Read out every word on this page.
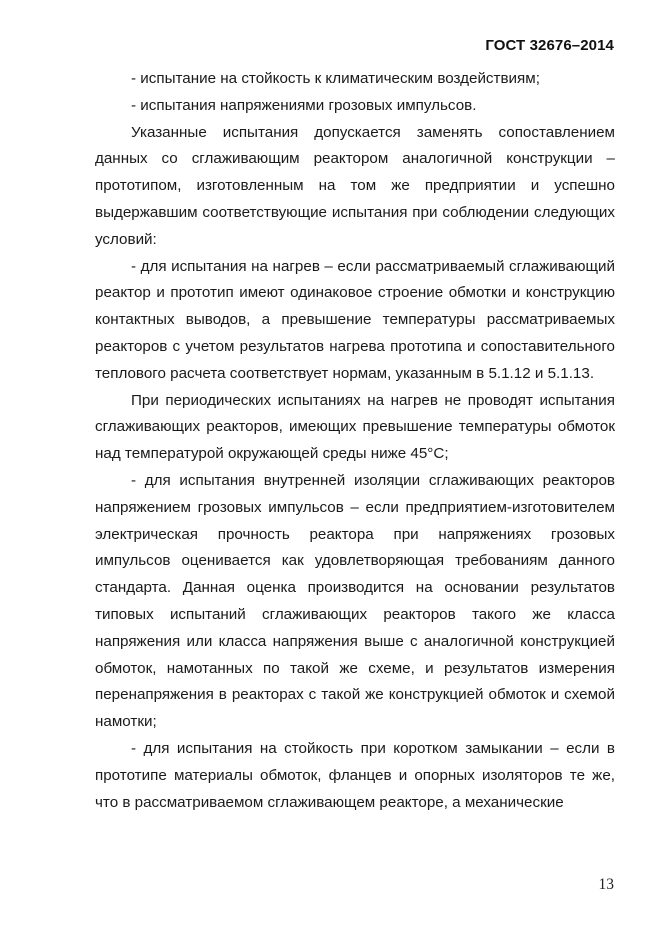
ГОСТ 32676–2014

- испытание на стойкость к климатическим воздействиям;

- испытания напряжениями грозовых импульсов.

Указанные испытания допускается заменять сопоставлением данных со сглаживающим реактором аналогичной конструкции – прототипом, изготовленным на том же предприятии и успешно выдержавшим соответствующие испытания при соблюдении следующих условий:

- для испытания на нагрев – если рассматриваемый сглаживающий реактор и прототип имеют одинаковое строение обмотки и конструкцию контактных выводов, а превышение температуры рассматриваемых реакторов с учетом результатов нагрева прототипа и сопоставительного теплового расчета соответствует нормам, указанным в 5.1.12 и 5.1.13.

При периодических испытаниях на нагрев не проводят испытания сглаживающих реакторов, имеющих превышение температуры обмоток над температурой окружающей среды ниже 45°С;

- для испытания внутренней изоляции сглаживающих реакторов напряжением грозовых импульсов – если предприятием-изготовителем электрическая прочность реактора при напряжениях грозовых импульсов оценивается как удовлетворяющая требованиям данного стандарта. Данная оценка производится на основании результатов типовых испытаний сглаживающих реакторов такого же класса напряжения или класса напряжения выше с аналогичной конструкцией обмоток, намотанных по такой же схеме, и результатов измерения перенапряжения в реакторах с такой же конструкцией обмоток и схемой намотки;

- для испытания на стойкость при коротком замыкании – если в прототипе материалы обмоток, фланцев и опорных изоляторов те же, что в рассматриваемом сглаживающем реакторе, а механические

13
